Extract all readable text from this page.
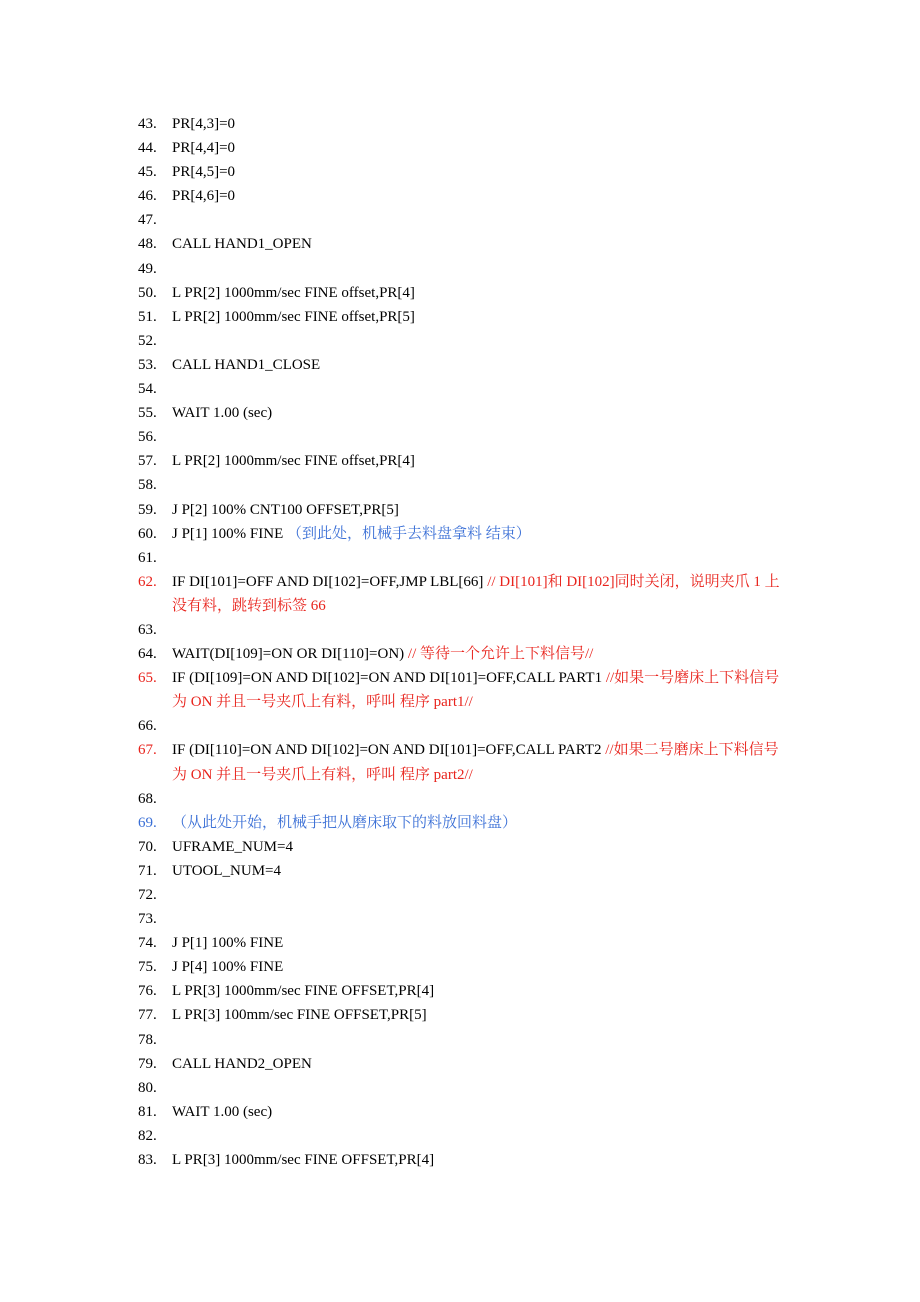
43.	PR[4,3]=0
44.	PR[4,4]=0
45.	PR[4,5]=0
46.	PR[4,6]=0
47.
48.	CALL HAND1_OPEN
49.
50.	L PR[2] 1000mm/sec FINE offset,PR[4]
51.	L PR[2] 1000mm/sec FINE offset,PR[5]
52.
53.	CALL HAND1_CLOSE
54.
55.	WAIT 1.00 (sec)
56.
57.	L PR[2] 1000mm/sec FINE offset,PR[4]
58.
59.	J P[2] 100% CNT100 OFFSET,PR[5]
60.	J P[1] 100% FINE （到此处，机械手去料盘拿料 结束）
61.
62.	IF DI[101]=OFF AND DI[102]=OFF,JMP LBL[66] // DI[101]和 DI[102]同时关闭，说明夹爪 1 上没有料，跳转到标签 66
63.
64.	WAIT(DI[109]=ON OR DI[110]=ON) // 等待一个允许上下料信号//
65.	IF (DI[109]=ON AND DI[102]=ON AND DI[101]=OFF,CALL PART1 //如果一号磨床上下料信号为 ON 并且一号夹爪上有料，呼叫 程序 part1//
66.
67.	IF (DI[110]=ON AND DI[102]=ON AND DI[101]=OFF,CALL PART2 //如果二号磨床上下料信号为 ON 并且一号夹爪上有料，呼叫 程序 part2//
68.
69.	（从此处开始，机械手把从磨床取下的料放回料盘）
70.	UFRAME_NUM=4
71.	UTOOL_NUM=4
72.
73.
74.	J P[1] 100% FINE
75.	J P[4] 100% FINE
76.	L PR[3] 1000mm/sec FINE OFFSET,PR[4]
77.	L PR[3] 100mm/sec FINE OFFSET,PR[5]
78.
79.	CALL HAND2_OPEN
80.
81.	WAIT 1.00 (sec)
82.
83.	L PR[3] 1000mm/sec FINE OFFSET,PR[4]
